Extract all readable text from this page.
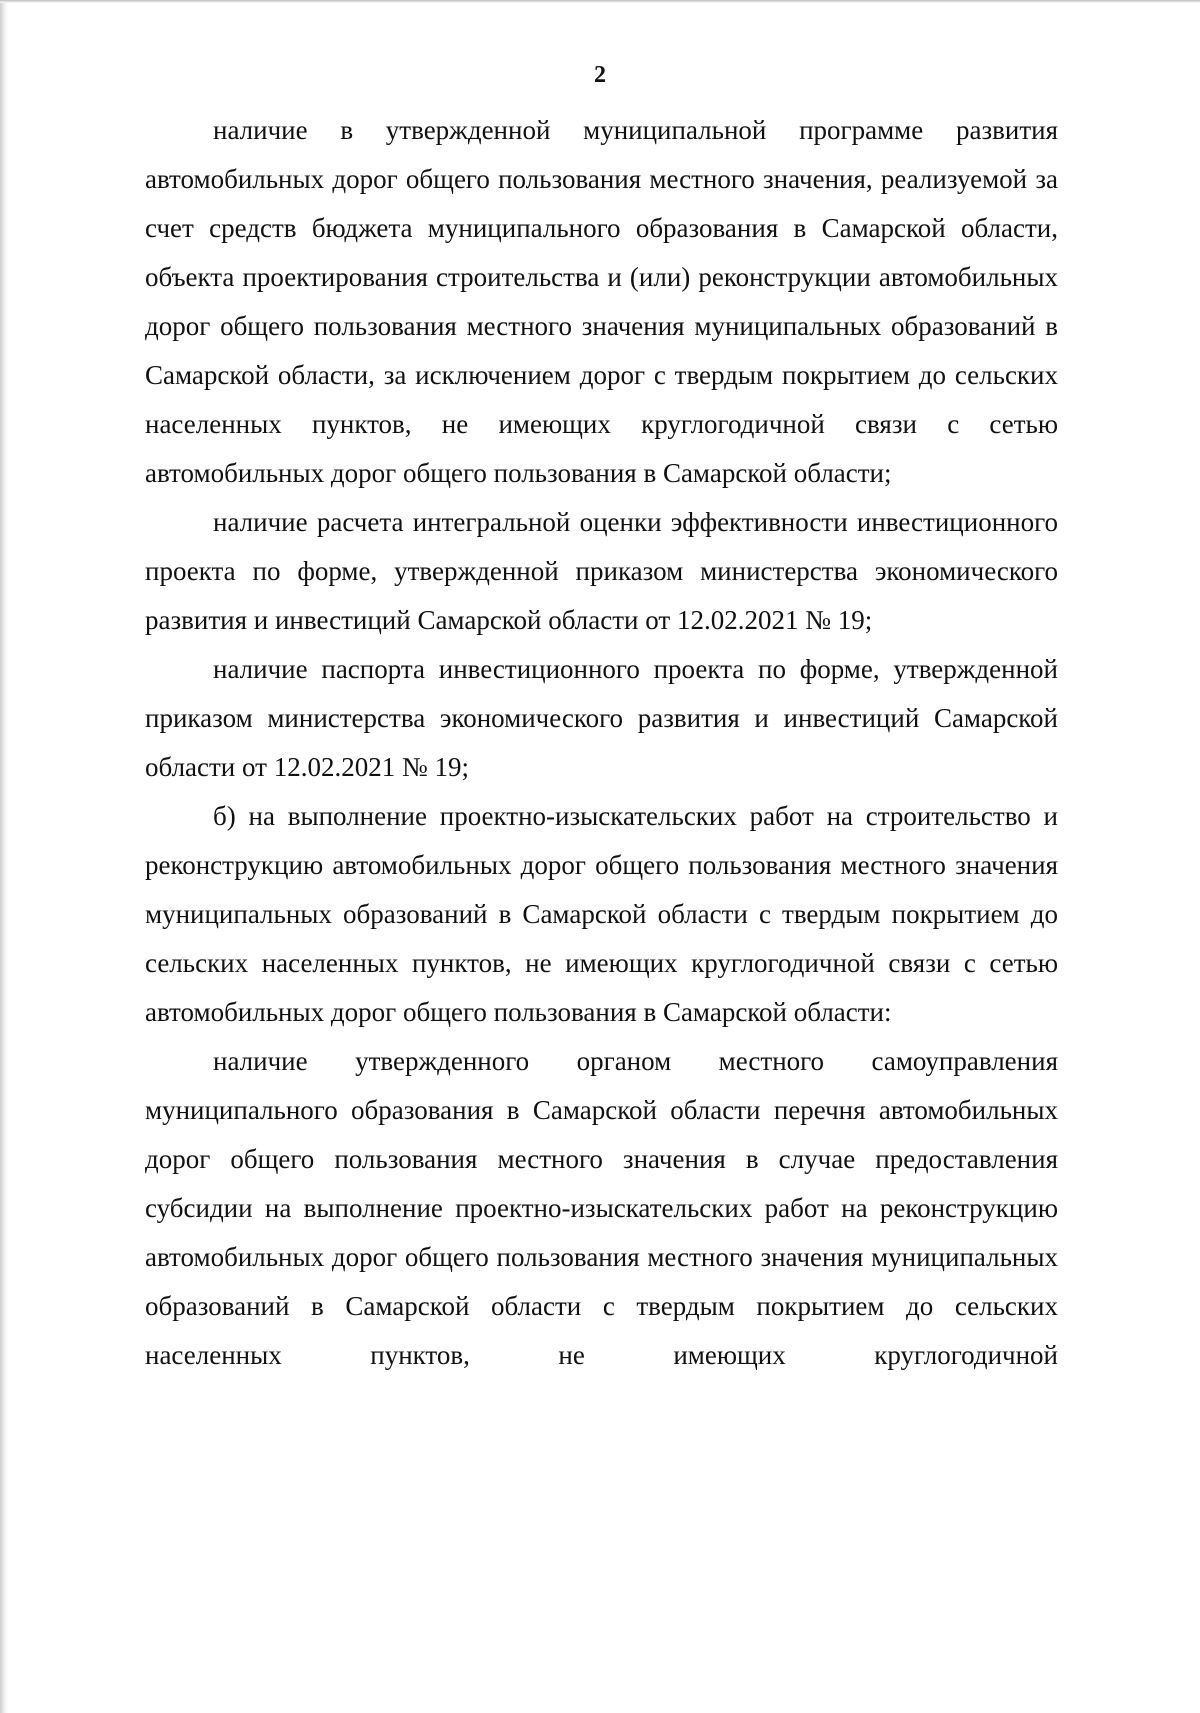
2

наличие в утвержденной муниципальной программе развития автомобильных дорог общего пользования местного значения, реализуемой за счет средств бюджета муниципального образования в Самарской области, объекта проектирования строительства и (или) реконструкции автомобильных дорог общего пользования местного значения муниципальных образований в Самарской области, за исключением дорог с твердым покрытием до сельских населенных пунктов, не имеющих круглогодичной связи с сетью автомобильных дорог общего пользования в Самарской области;

наличие расчета интегральной оценки эффективности инвестиционного проекта по форме, утвержденной приказом министерства экономического развития и инвестиций Самарской области от 12.02.2021 № 19;

наличие паспорта инвестиционного проекта по форме, утвержденной приказом министерства экономического развития и инвестиций Самарской области от 12.02.2021 № 19;

б) на выполнение проектно-изыскательских работ на строительство и реконструкцию автомобильных дорог общего пользования местного значения муниципальных образований в Самарской области с твердым покрытием до сельских населенных пунктов, не имеющих круглогодичной связи с сетью автомобильных дорог общего пользования в Самарской области:

наличие утвержденного органом местного самоуправления муниципального образования в Самарской области перечня автомобильных дорог общего пользования местного значения в случае предоставления субсидии на выполнение проектно-изыскательских работ на реконструкцию автомобильных дорог общего пользования местного значения муниципальных образований в Самарской области с твердым покрытием до сельских населенных пунктов, не имеющих круглогодичной
